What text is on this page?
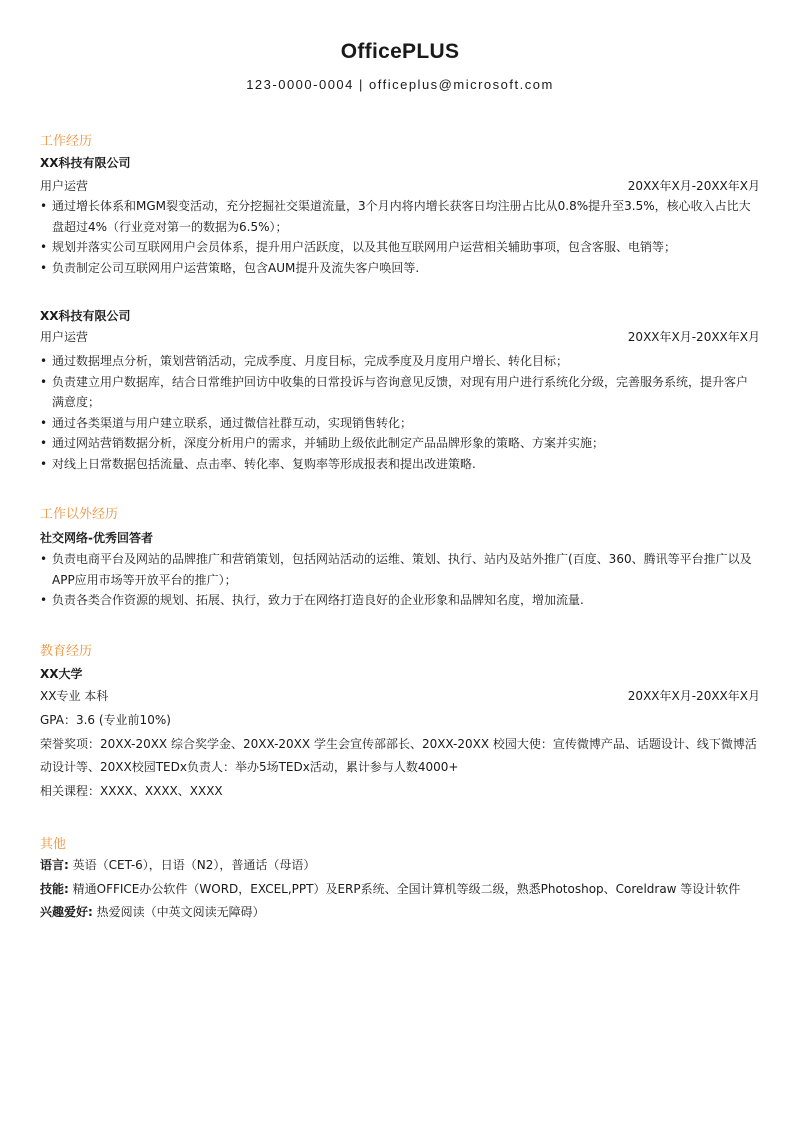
OfficePLUS
123-0000-0004 | officeplus@microsoft.com
工作经历
XX科技有限公司
用户运营	20XX年X月-20XX年X月
• 通过增长体系和MGM裂变活动，充分挖掘社交渠道流量，3个月内将内增长获客日均注册占比从0.8%提升至3.5%，核心收入占比大盘超过4%（行业竞对第一的数据为6.5%）；
• 规划并落实公司互联网用户会员体系，提升用户活跃度，以及其他互联网用户运营相关辅助事项，包含客服、电销等；
• 负责制定公司互联网用户运营策略，包含AUM提升及流失客户唤回等.
XX科技有限公司
用户运营	20XX年X月-20XX年X月
• 通过数据埋点分析，策划营销活动，完成季度、月度目标，完成季度及月度用户增长、转化目标；
• 负责建立用户数据库，结合日常维护回访中收集的日常投诉与咨询意见反馈，对现有用户进行系统化分级，完善服务系统，提升客户满意度；
• 通过各类渠道与用户建立联系，通过微信社群互动，实现销售转化；
• 通过网站营销数据分析，深度分析用户的需求，并辅助上级依此制定产品品牌形象的策略、方案并实施；
• 对线上日常数据包括流量、点击率、转化率、复购率等形成报表和提出改进策略.
工作以外经历
社交网络-优秀回答者
• 负责电商平台及网站的品牌推广和营销策划，包括网站活动的运维、策划、执行、站内及站外推广(百度、360、腾讯等平台推广以及APP应用市场等开放平台的推广）；
• 负责各类合作资源的规划、拓展、执行，致力于在网络打造良好的企业形象和品牌知名度，增加流量.
教育经历
XX大学
XX专业 本科	20XX年X月-20XX年X月
GPA：3.6 (专业前10%)
荣誉奖项：20XX-20XX 综合奖学金、20XX-20XX 学生会宣传部部长、20XX-20XX 校园大使：宣传微博产品、话题设计、线下微博活动设计等、20XX校园TEDx负责人：举办5场TEDx活动，累计参与人数4000+
相关课程：XXXX、XXXX、XXXX
其他
语言: 英语（CET-6），日语（N2），普通话（母语）
技能: 精通OFFICE办公软件（WORD，EXCEL,PPT）及ERP系统、全国计算机等级二级，熟悉Photoshop、Coreldraw 等设计软件
兴趣爱好: 热爱阅读（中英文阅读无障碍）
